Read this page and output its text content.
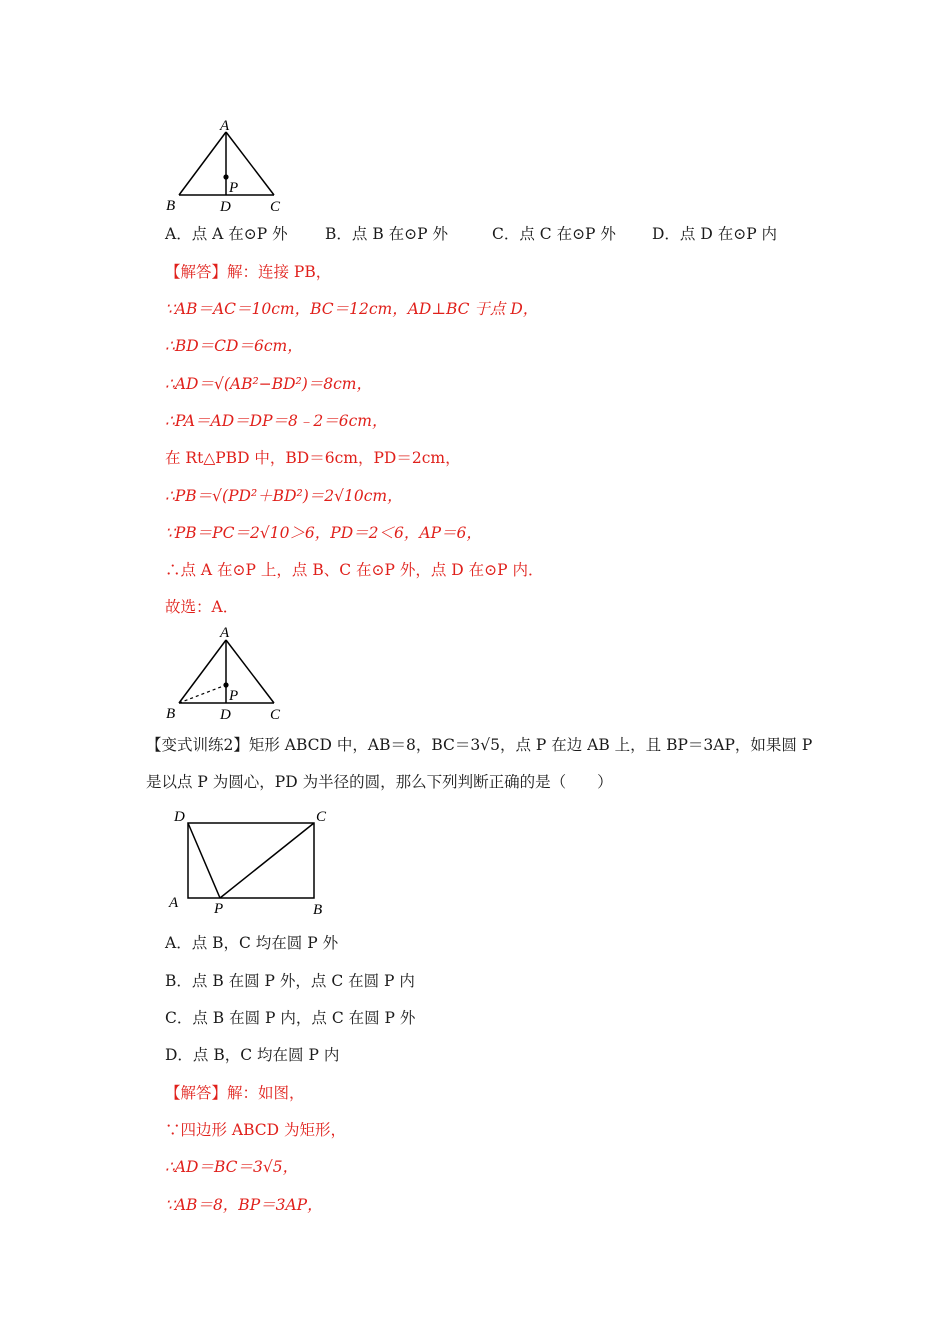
A
B	D	C
P
A．点 A 在⊙P 外 B．点 B 在⊙P 外	C．点 C 在⊙P 外 D．点 D 在⊙P 内
【解答】解：连接 PB，
∵AB＝AC＝10cm，BC＝12cm，AD⊥BC 于点 D，
∴BD＝CD＝6cm，
∴AD＝√(AB²−BD²)＝8cm，
∴PA＝AD＝DP＝8﹣2＝6cm，
在 Rt△PBD 中，BD＝6cm，PD＝2cm，
∴PB＝√(PD²＋BD²)＝2√10cm，
∵PB＝PC＝2√10＞6，PD＝2＜6，AP＝6，
∴点 A 在⊙P 上，点 B、C 在⊙P 外，点 D 在⊙P 内．
故选：A．
A
B	D	C
P
【变式训练2】矩形 ABCD 中，AB＝8，BC＝3√5，点 P 在边 AB 上，且 BP＝3AP，如果圆 P
是以点 P 为圆心，PD 为半径的圆，那么下列判断正确的是（　　）
D	C
A P	B
A．点 B，C 均在圆 P 外
B．点 B 在圆 P 外，点 C 在圆 P 内
C．点 B 在圆 P 内，点 C 在圆 P 外
D．点 B，C 均在圆 P 内
【解答】解：如图，
∵四边形 ABCD 为矩形，
∴AD＝BC＝3√5，
∵AB＝8，BP＝3AP，
